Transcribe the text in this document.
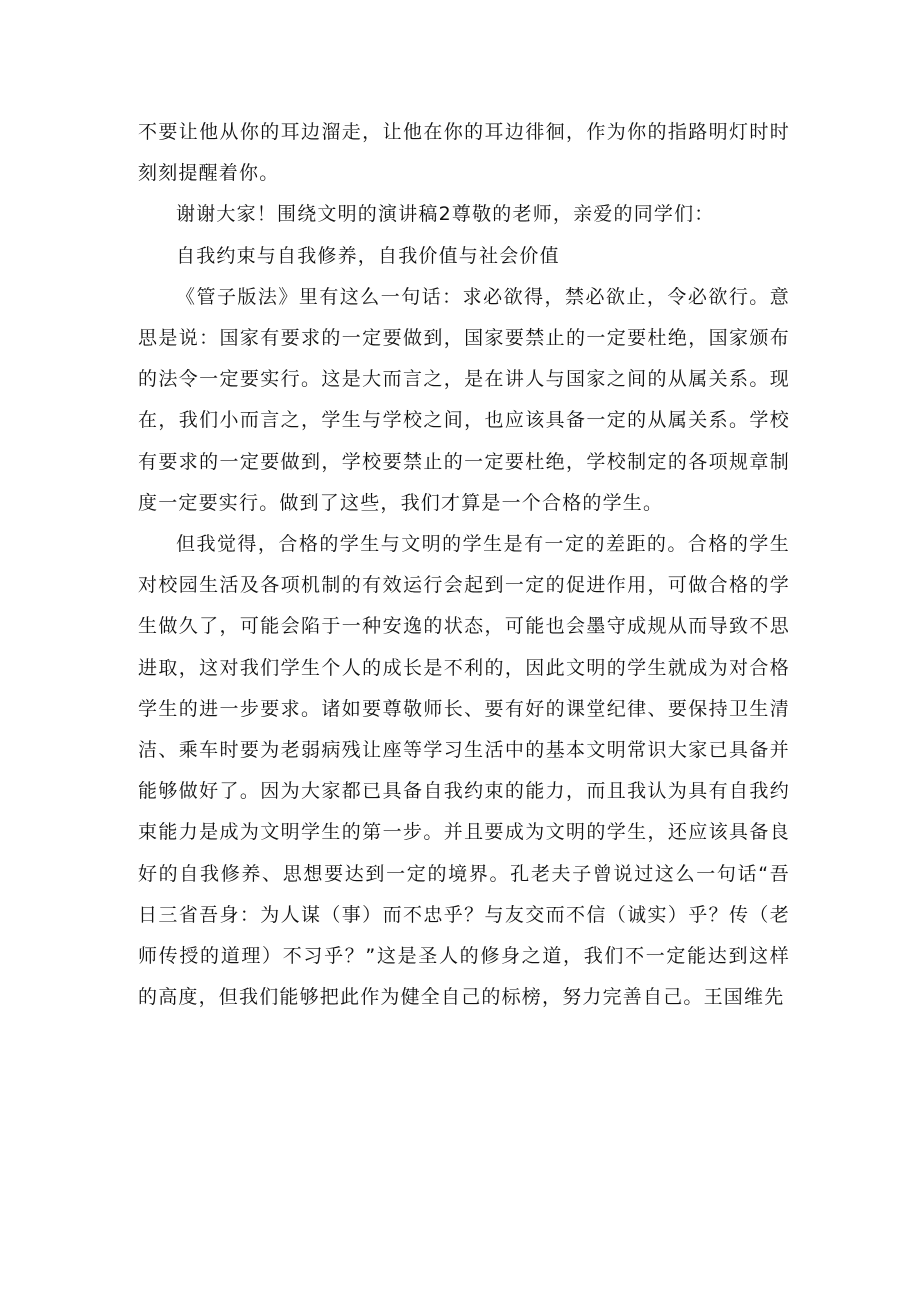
不要让他从你的耳边溜走，让他在你的耳边徘徊，作为你的指路明灯时时刻刻提醒着你。

谢谢大家！围绕文明的演讲稿2尊敬的老师，亲爱的同学们：

自我约束与自我修养，自我价值与社会价值

《管子版法》里有这么一句话：求必欲得，禁必欲止，令必欲行。意思是说：国家有要求的一定要做到，国家要禁止的一定要杜绝，国家颁布的法令一定要实行。这是大而言之，是在讲人与国家之间的从属关系。现在，我们小而言之，学生与学校之间，也应该具备一定的从属关系。学校有要求的一定要做到，学校要禁止的一定要杜绝，学校制定的各项规章制度一定要实行。做到了这些，我们才算是一个合格的学生。

但我觉得，合格的学生与文明的学生是有一定的差距的。合格的学生对校园生活及各项机制的有效运行会起到一定的促进作用，可做合格的学生做久了，可能会陷于一种安逸的状态，可能也会墨守成规从而导致不思进取，这对我们学生个人的成长是不利的，因此文明的学生就成为对合格学生的进一步要求。诸如要尊敬师长、要有好的课堂纪律、要保持卫生清洁、乘车时要为老弱病残让座等学习生活中的基本文明常识大家已具备并能够做好了。因为大家都已具备自我约束的能力，而且我认为具有自我约束能力是成为文明学生的第一步。并且要成为文明的学生，还应该具备良好的自我修养、思想要达到一定的境界。孔老夫子曾说过这么一句话“吾日三省吾身：为人谋（事）而不忠乎？与友交而不信（诚实）乎？传（老师传授的道理）不习乎？”这是圣人的修身之道，我们不一定能达到这样的高度，但我们能够把此作为健全自己的标榜，努力完善自己。王国维先
